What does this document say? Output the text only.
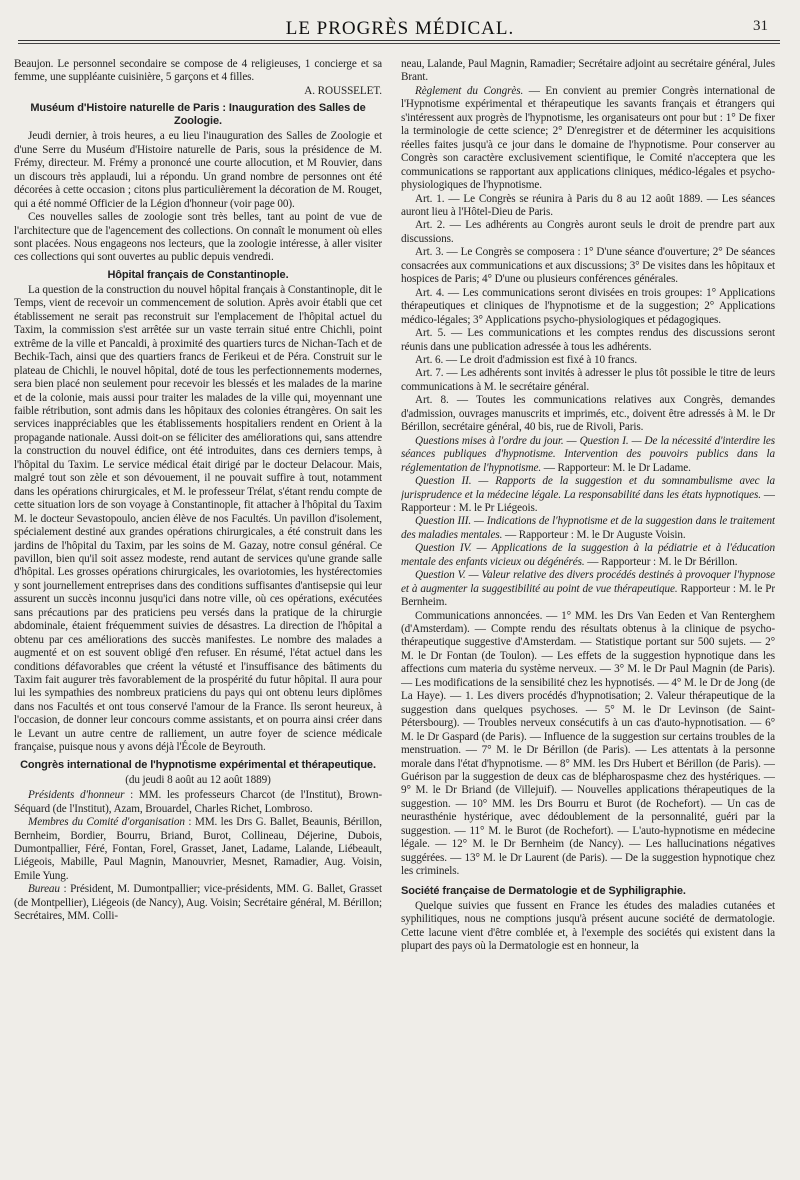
LE PROGRÈS MÉDICAL.	31

Beaujon. Le personnel secondaire se compose de 4 religieuses, 1 concierge et sa femme, une suppléante cuisinière, 5 garçons et 4 filles.

A. ROUSSELET.

Muséum d'Histoire naturelle de Paris : Inauguration des Salles de Zoologie.

Jeudi dernier, à trois heures, a eu lieu l'inauguration des Salles de Zoologie et d'une Serre du Muséum d'Histoire naturelle de Paris, sous la présidence de M. Frémy, directeur. M. Frémy a prononcé une courte allocution, et M Rouvier, dans un discours très applaudi, lui a répondu. Un grand nombre de personnes ont été décorées à cette occasion ; citons plus particulièrement la décoration de M. Rouget, qui a été nommé Officier de la Légion d'honneur (voir page 00).

Ces nouvelles salles de zoologie sont très belles, tant au point de vue de l'architecture que de l'agencement des collections. On connaît le monument où elles sont placées. Nous engageons nos lecteurs, que la zoologie intéresse, à aller visiter ces collections qui sont ouvertes au public depuis vendredi.

Hôpital français de Constantinople.

La question de la construction du nouvel hôpital français à Constantinople, dit le Temps, vient de recevoir un commencement de solution. Après avoir établi que cet établissement ne serait pas reconstruit sur l'emplacement de l'hôpital actuel du Taxim, la commission s'est arrêtée sur un vaste terrain situé entre Chichli, point extrême de la ville et Pancaldi, à proximité des quartiers turcs de Nichan-Tach et de Bechik-Tach, ainsi que des quartiers francs de Ferikeui et de Péra. Construit sur le plateau de Chichli, le nouvel hôpital, doté de tous les perfectionnements modernes, sera bien placé non seulement pour recevoir les blessés et les malades de la marine et de la colonie, mais aussi pour traiter les malades de la ville qui, moyennant une faible rétribution, sont admis dans les hôpitaux des colonies étrangères. On sait les services inappréciables que les établissements hospitaliers rendent en Orient à la propagande nationale. Aussi doit-on se féliciter des améliorations qui, sans attendre la construction du nouvel édifice, ont été introduites, dans ces derniers temps, à l'hôpital du Taxim. Le service médical était dirigé par le docteur Delacour. Mais, malgré tout son zèle et son dévouement, il ne pouvait suffire à tout, notamment dans les opérations chirurgicales, et M. le professeur Trélat, s'étant rendu compte de cette situation lors de son voyage à Constantinople, fit attacher à l'hôpital du Taxim M. le docteur Sevastopoulo, ancien élève de nos Facultés. Un pavillon d'isolement, spécialement destiné aux grandes opérations chirurgicales, a été construit dans les jardins de l'hôpital du Taxim, par les soins de M. Gazay, notre consul général. Ce pavillon, bien qu'il soit assez modeste, rend autant de services qu'une grande salle d'hôpital. Les grosses opérations chirurgicales, les ovariotomies, les hystérectomies y sont journellement entreprises dans des conditions suffisantes d'antisepsie qui leur assurent un succès inconnu jusqu'ici dans notre ville, où ces opérations, exécutées sans précautions par des praticiens peu versés dans la pratique de la chirurgie abdominale, étaient fréquemment suivies de désastres. La direction de l'hôpital a obtenu par ces améliorations des succès manifestes. Le nombre des malades a augmenté et on est souvent obligé d'en refuser. En résumé, l'état actuel dans les conditions défavorables que créent la vétusté et l'insuffisance des bâtiments du Taxim fait augurer très favorablement de la prospérité du futur hôpital. Il aura pour lui les sympathies des nombreux praticiens du pays qui ont obtenu leurs diplômes dans nos Facultés et ont tous conservé l'amour de la France. Ils seront heureux, à l'occasion, de donner leur concours comme assistants, et on pourra ainsi créer dans le Levant un autre centre de ralliement, un autre foyer de science médicale française, puisque nous y avons déjà l'École de Beyrouth.

Congrès international de l'hypnotisme expérimental et thérapeutique.

(du jeudi 8 août au 12 août 1889)

Présidents d'honneur : MM. les professeurs Charcot (de l'Institut), Brown-Séquard (de l'Institut), Azam, Brouardel, Charles Richet, Lombroso.

Membres du Comité d'organisation : MM. les Drs G. Ballet, Beaunis, Bérillon, Bernheim, Bordier, Bourru, Briand, Burot, Collineau, Déjerine, Dubois, Dumontpallier, Féré, Fontan, Forel, Grasset, Janet, Ladame, Lalande, Liébeault, Liégeois, Mabille, Paul Magnin, Manouvrier, Mesnet, Ramadier, Aug. Voisin, Emile Yung.

Bureau : Président, M. Dumontpallier; vice-présidents, MM. G. Ballet, Grasset (de Montpellier), Liégeois (de Nancy), Aug. Voisin; Secrétaire général, M. Bérillon; Secrétaires, MM. Colli-

neau, Lalande, Paul Magnin, Ramadier; Secrétaire adjoint au secrétaire général, Jules Brant.

Règlement du Congrès. — En convient au premier Congrès international de l'Hypnotisme expérimental et thérapeutique les savants français et étrangers qui s'intéressent aux progrès de l'hypnotisme, les organisateurs ont pour but : 1° De fixer la terminologie de cette science; 2° D'enregistrer et de déterminer les acquisitions réelles faites jusqu'à ce jour dans le domaine de l'hypnotisme. Pour conserver au Congrès son caractère exclusivement scientifique, le Comité n'acceptera que les communications se rapportant aux applications cliniques, médico-légales et psycho-physiologiques de l'hypnotisme.

Art. 1. — Le Congrès se réunira à Paris du 8 au 12 août 1889. — Les séances auront lieu à l'Hôtel-Dieu de Paris.

Art. 2. — Les adhérents au Congrès auront seuls le droit de prendre part aux discussions.

Art. 3. — Le Congrès se composera : 1° D'une séance d'ouverture; 2° De séances consacrées aux communications et aux discussions; 3° De visites dans les hôpitaux et hospices de Paris; 4° D'une ou plusieurs conférences générales.

Art. 4. — Les communications seront divisées en trois groupes: 1° Applications thérapeutiques et cliniques de l'hypnotisme et de la suggestion; 2° Applications médico-légales; 3° Applications psycho-physiologiques et pédagogiques.

Art. 5. — Les communications et les comptes rendus des discussions seront réunis dans une publication adressée à tous les adhérents.

Art. 6. — Le droit d'admission est fixé à 10 francs.

Art. 7. — Les adhérents sont invités à adresser le plus tôt possible le titre de leurs communications à M. le secrétaire général.

Art. 8. — Toutes les communications relatives aux Congrès, demandes d'admission, ouvrages manuscrits et imprimés, etc., doivent être adressés à M. le Dr Bérillon, secrétaire général, 40 bis, rue de Rivoli, Paris.

Questions mises à l'ordre du jour. — Question I. — De la nécessité d'interdire les séances publiques d'hypnotisme. Intervention des pouvoirs publics dans la réglementation de l'hypnotisme. — Rapporteur: M. le Dr Ladame.

Question II. — Rapports de la suggestion et du somnambulisme avec la jurisprudence et la médecine légale. La responsabilité dans les états hypnotiques. — Rapporteur : M. le Pr Liégeois.

Question III. — Indications de l'hypnotisme et de la suggestion dans le traitement des maladies mentales. — Rapporteur : M. le Dr Auguste Voisin.

Question IV. — Applications de la suggestion à la pédiatrie et à l'éducation mentale des enfants vicieux ou dégénérés. — Rapporteur : M. le Dr Bérillon.

Question V. — Valeur relative des divers procédés destinés à provoquer l'hypnose et à augmenter la suggestibilité au point de vue thérapeutique. Rapporteur : M. le Pr Bernheim.

Communications annoncées. — 1° MM. les Drs Van Eeden et Van Renterghem (d'Amsterdam). — Compte rendu des résultats obtenus à la clinique de psycho-thérapeutique suggestive d'Amsterdam. — Statistique portant sur 500 sujets. — 2° M. le Dr Fontan (de Toulon). — Les effets de la suggestion hypnotique dans les affections cum materia du système nerveux. — 3° M. le Dr Paul Magnin (de Paris). — Les modifications de la sensibilité chez les hypnotisés. — 4° M. le Dr de Jong (de La Haye). — 1. Les divers procédés d'hypnotisation; 2. Valeur thérapeutique de la suggestion dans quelques psychoses. — 5° M. le Dr Levinson (de Saint-Pétersbourg). — Troubles nerveux consécutifs à un cas d'auto-hypnotisation. — 6° M. le Dr Gaspard (de Paris). — Influence de la suggestion sur certains troubles de la menstruation. — 7° M. le Dr Bérillon (de Paris). — Les attentats à la personne morale dans l'état d'hypnotisme. — 8° MM. les Drs Hubert et Bérillon (de Paris). — Guérison par la suggestion de deux cas de blépharospasme chez des hystériques. — 9° M. le Dr Briand (de Villejuif). — Nouvelles applications thérapeutiques de la suggestion. — 10° MM. les Drs Bourru et Burot (de Rochefort). — Un cas de neurasthénie hystérique, avec dédoublement de la personnalité, guéri par la suggestion. — 11° M. le Burot (de Rochefort). — L'auto-hypnotisme en médecine légale. — 12° M. le Dr Bernheim (de Nancy). — Les hallucinations négatives suggérées. — 13° M. le Dr Laurent (de Paris). — De la suggestion hypnotique chez les criminels.

Société française de Dermatologie et de Syphiligraphie.

Quelque suivies que fussent en France les études des maladies cutanées et syphilitiques, nous ne comptions jusqu'à présent aucune société de dermatologie. Cette lacune vient d'être comblée et, à l'exemple des sociétés qui existent dans la plupart des pays où la Dermatologie est en honneur, la
